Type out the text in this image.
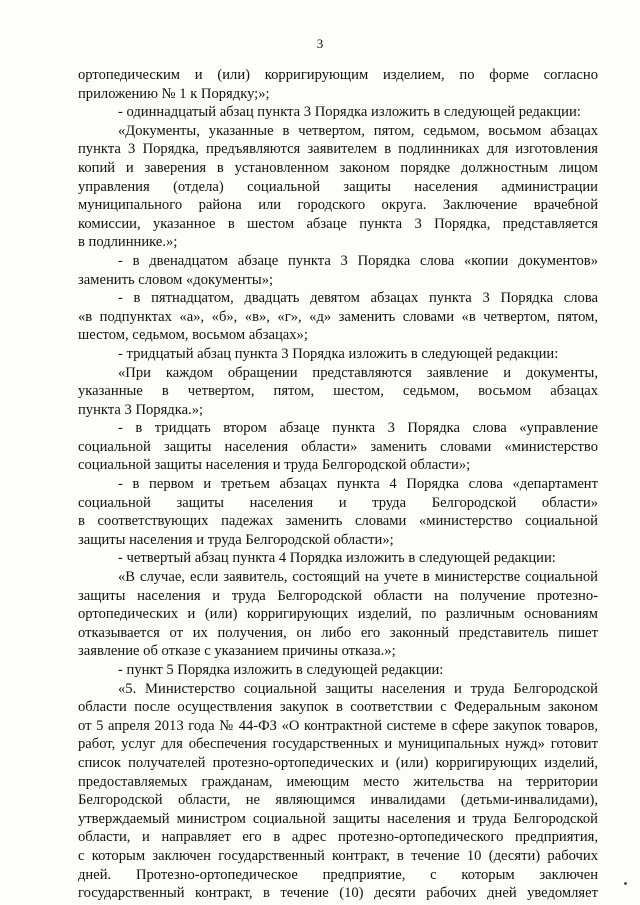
3
ортопедическим и (или) корригирующим изделием, по форме согласно
приложению № 1 к Порядку;»;
- одиннадцатый абзац пункта 3 Порядка изложить в следующей редакции:
«Документы, указанные в четвертом, пятом, седьмом, восьмом абзацах
пункта 3 Порядка, предъявляются заявителем в подлинниках для изготовления
копий и заверения в установленном законом порядке должностным лицом
управления (отдела) социальной защиты населения администрации
муниципального района или городского округа. Заключение врачебной
комиссии, указанное в шестом абзаце пункта 3 Порядка, представляется
в подлиннике.»;
- в двенадцатом абзаце пункта 3 Порядка слова «копии документов»
заменить словом «документы»;
- в пятнадцатом, двадцать девятом абзацах пункта 3 Порядка слова
«в подпунктах «а», «б», «в», «г», «д» заменить словами «в четвертом, пятом,
шестом, седьмом, восьмом абзацах»;
- тридцатый абзац пункта 3 Порядка изложить в следующей редакции:
«При каждом обращении представляются заявление и документы,
указанные в четвертом, пятом, шестом, седьмом, восьмом абзацах
пункта 3 Порядка.»;
- в тридцать втором абзаце пункта 3 Порядка слова «управление
социальной защиты населения области» заменить словами «министерство
социальной защиты населения и труда Белгородской области»;
- в первом и третьем абзацах пункта 4 Порядка слова «департамент
социальной защиты населения и труда Белгородской области»
в соответствующих падежах заменить словами «министерство социальной
защиты населения и труда Белгородской области»;
- четвертый абзац пункта 4 Порядка изложить в следующей редакции:
«В случае, если заявитель, состоящий на учете в министерстве социальной
защиты населения и труда Белгородской области на получение протезно-
ортопедических и (или) корригирующих изделий, по различным основаниям
отказывается от их получения, он либо его законный представитель пишет
заявление об отказе с указанием причины отказа.»;
- пункт 5 Порядка изложить в следующей редакции:
«5. Министерство социальной защиты населения и труда Белгородской
области после осуществления закупок в соответствии с Федеральным законом
от 5 апреля 2013 года № 44-ФЗ «О контрактной системе в сфере закупок товаров,
работ, услуг для обеспечения государственных и муниципальных нужд» готовит
список получателей протезно-ортопедических и (или) корригирующих изделий,
предоставляемых гражданам, имеющим место жительства на территории
Белгородской области, не являющимся инвалидами (детьми-инвалидами),
утверждаемый министром социальной защиты населения и труда Белгородской
области, и направляет его в адрес протезно-ортопедического предприятия,
с которым заключен государственный контракт, в течение 10 (десяти) рабочих
дней. Протезно-ортопедическое предприятие, с которым заключен
государственный контракт, в течение (10) десяти рабочих дней уведомляет
